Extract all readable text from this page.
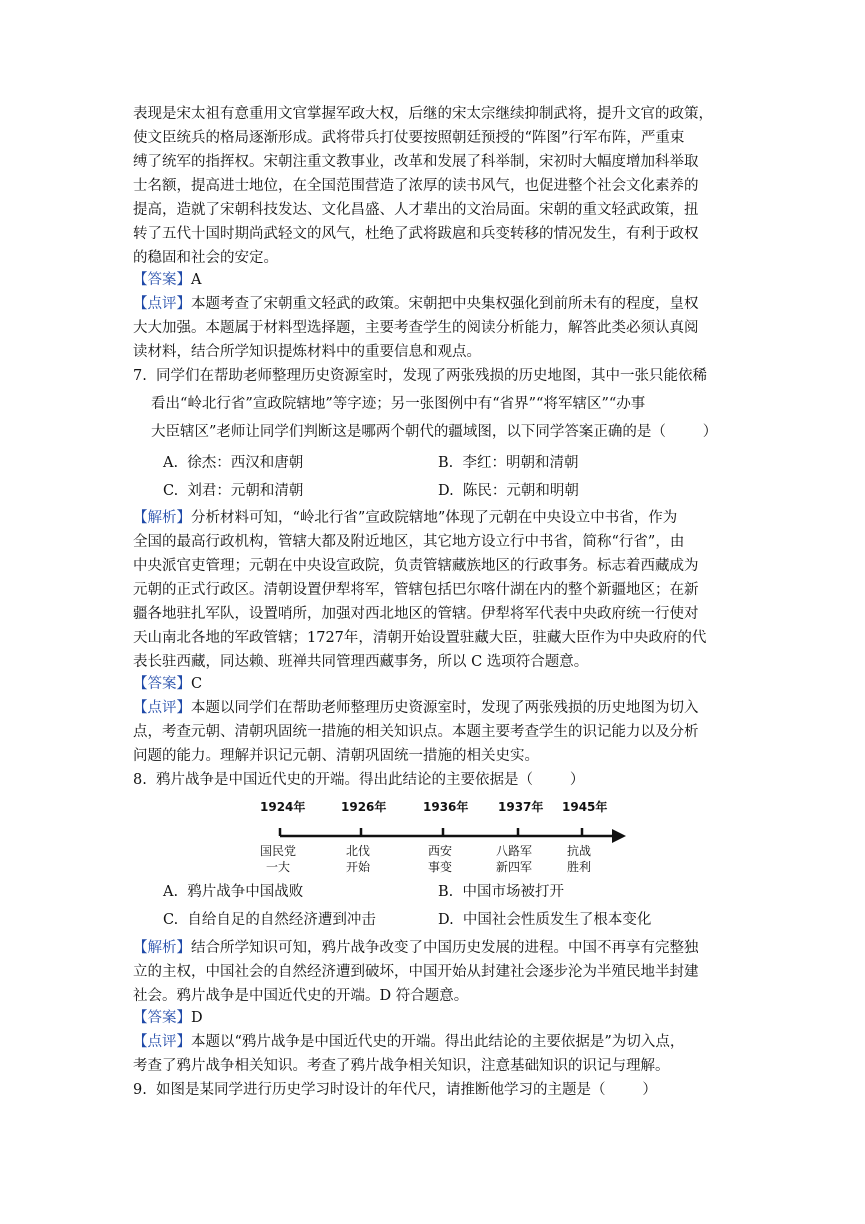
表现是宋太祖有意重用文官掌握军政大权，后继的宋太宗继续抑制武将，提升文官的政策，
使文臣统兵的格局逐渐形成。武将带兵打仗要按照朝廷预授的“阵图”行军布阵，严重束
缚了统军的指挥权。宋朝注重文教事业，改革和发展了科举制，宋初时大幅度增加科举取
士名额，提高进士地位，在全国范围营造了浓厚的读书风气，也促进整个社会文化素养的
提高，造就了宋朝科技发达、文化昌盛、人才辈出的文治局面。宋朝的重文轻武政策，扭
转了五代十国时期尚武轻文的风气，杜绝了武将跋扈和兵变转移的情况发生，有利于政权
的稳固和社会的安定。
【答案】A
【点评】本题考查了宋朝重文轻武的政策。宋朝把中央集权强化到前所未有的程度，皇权
大大加强。本题属于材料型选择题，主要考查学生的阅读分析能力，解答此类必须认真阅
读材料，结合所学知识提炼材料中的重要信息和观点。
7.  同学们在帮助老师整理历史资源室时，发现了两张残损的历史地图，其中一张只能依稀
看出“岭北行省”宣政院辖地”等字迹；另一张图例中有“省界”“将军辖区”“办事
大臣辖区”老师让同学们判断这是哪两个朝代的疆域图，以下同学答案正确的是（        ）
A.  徐杰：西汉和唐朝	B.  李红：明朝和清朝
C.  刘君：元朝和清朝	D.  陈民：元朝和明朝
【解析】分析材料可知，“岭北行省”宣政院辖地”体现了元朝在中央设立中书省，作为
全国的最高行政机构，管辖大都及附近地区，其它地方设立行中书省，简称“行省”，由
中央派官吏管理；元朝在中央设宣政院，负责管辖藏族地区的行政事务。标志着西藏成为
元朝的正式行政区。清朝设置伊犁将军，管辖包括巴尔喀什湖在内的整个新疆地区；在新
疆各地驻扎军队，设置哨所，加强对西北地区的管辖。伊犁将军代表中央政府统一行使对
天山南北各地的军政管辖；1727年，清朝开始设置驻藏大臣，驻藏大臣作为中央政府的代
表长驻西藏，同达赖、班禅共同管理西藏事务，所以 C 选项符合题意。
【答案】C
【点评】本题以同学们在帮助老师整理历史资源室时，发现了两张残损的历史地图为切入
点，考查元朝、清朝巩固统一措施的相关知识点。本题主要考查学生的识记能力以及分析
问题的能力。理解并识记元朝、清朝巩固统一措施的相关史实。
8.  鸦片战争是中国近代史的开端。得出此结论的主要依据是（        ）
1924年	1926年	1936年 1937年 1945年
国民党
一大
北伐
开始
西安
事变
八路军
新四军
抗战
胜利
A.  鸦片战争中国战败	B.  中国市场被打开
C.  自给自足的自然经济遭到冲击	D.  中国社会性质发生了根本变化
【解析】结合所学知识可知，鸦片战争改变了中国历史发展的进程。中国不再享有完整独
立的主权，中国社会的自然经济遭到破坏，中国开始从封建社会逐步沦为半殖民地半封建
社会。鸦片战争是中国近代史的开端。D 符合题意。
【答案】D
【点评】本题以“鸦片战争是中国近代史的开端。得出此结论的主要依据是”为切入点，
考查了鸦片战争相关知识。考查了鸦片战争相关知识，注意基础知识的识记与理解。
9.  如图是某同学进行历史学习时设计的年代尺，请推断他学习的主题是（        ）
